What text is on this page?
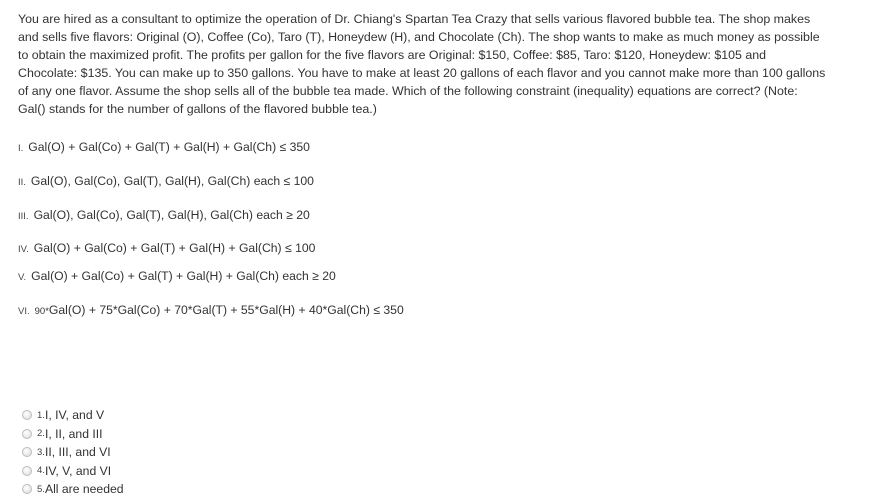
You are hired as a consultant to optimize the operation of Dr. Chiang's Spartan Tea Crazy that sells various flavored bubble tea. The shop makes and sells five flavors: Original (O), Coffee (Co), Taro (T), Honeydew (H), and Chocolate (Ch). The shop wants to make as much money as possible to obtain the maximized profit. The profits per gallon for the five flavors are Original: $150, Coffee: $85, Taro: $120, Honeydew: $105 and Chocolate: $135. You can make up to 350 gallons. You have to make at least 20 gallons of each flavor and you cannot make more than 100 gallons of any one flavor. Assume the shop sells all of the bubble tea made. Which of the following constraint (inequality) equations are correct? (Note: Gal() stands for the number of gallons of the flavored bubble tea.)

I. Gal(O) + Gal(Co) + Gal(T) + Gal(H) + Gal(Ch) ≤ 350
II. Gal(O), Gal(Co), Gal(T), Gal(H), Gal(Ch) each ≤ 100
III. Gal(O), Gal(Co), Gal(T), Gal(H), Gal(Ch) each ≥ 20
IV. Gal(O) + Gal(Co) + Gal(T) + Gal(H) + Gal(Ch) ≤ 100
V. Gal(O) + Gal(Co) + Gal(T) + Gal(H) + Gal(Ch) each ≥ 20
VI. 90*Gal(O) + 75*Gal(Co) + 70*Gal(T) + 55*Gal(H) + 40*Gal(Ch) ≤ 350
1. I, IV, and V
2. I, II, and III
3. II, III, and VI
4. IV, V, and VI
5. All are needed
